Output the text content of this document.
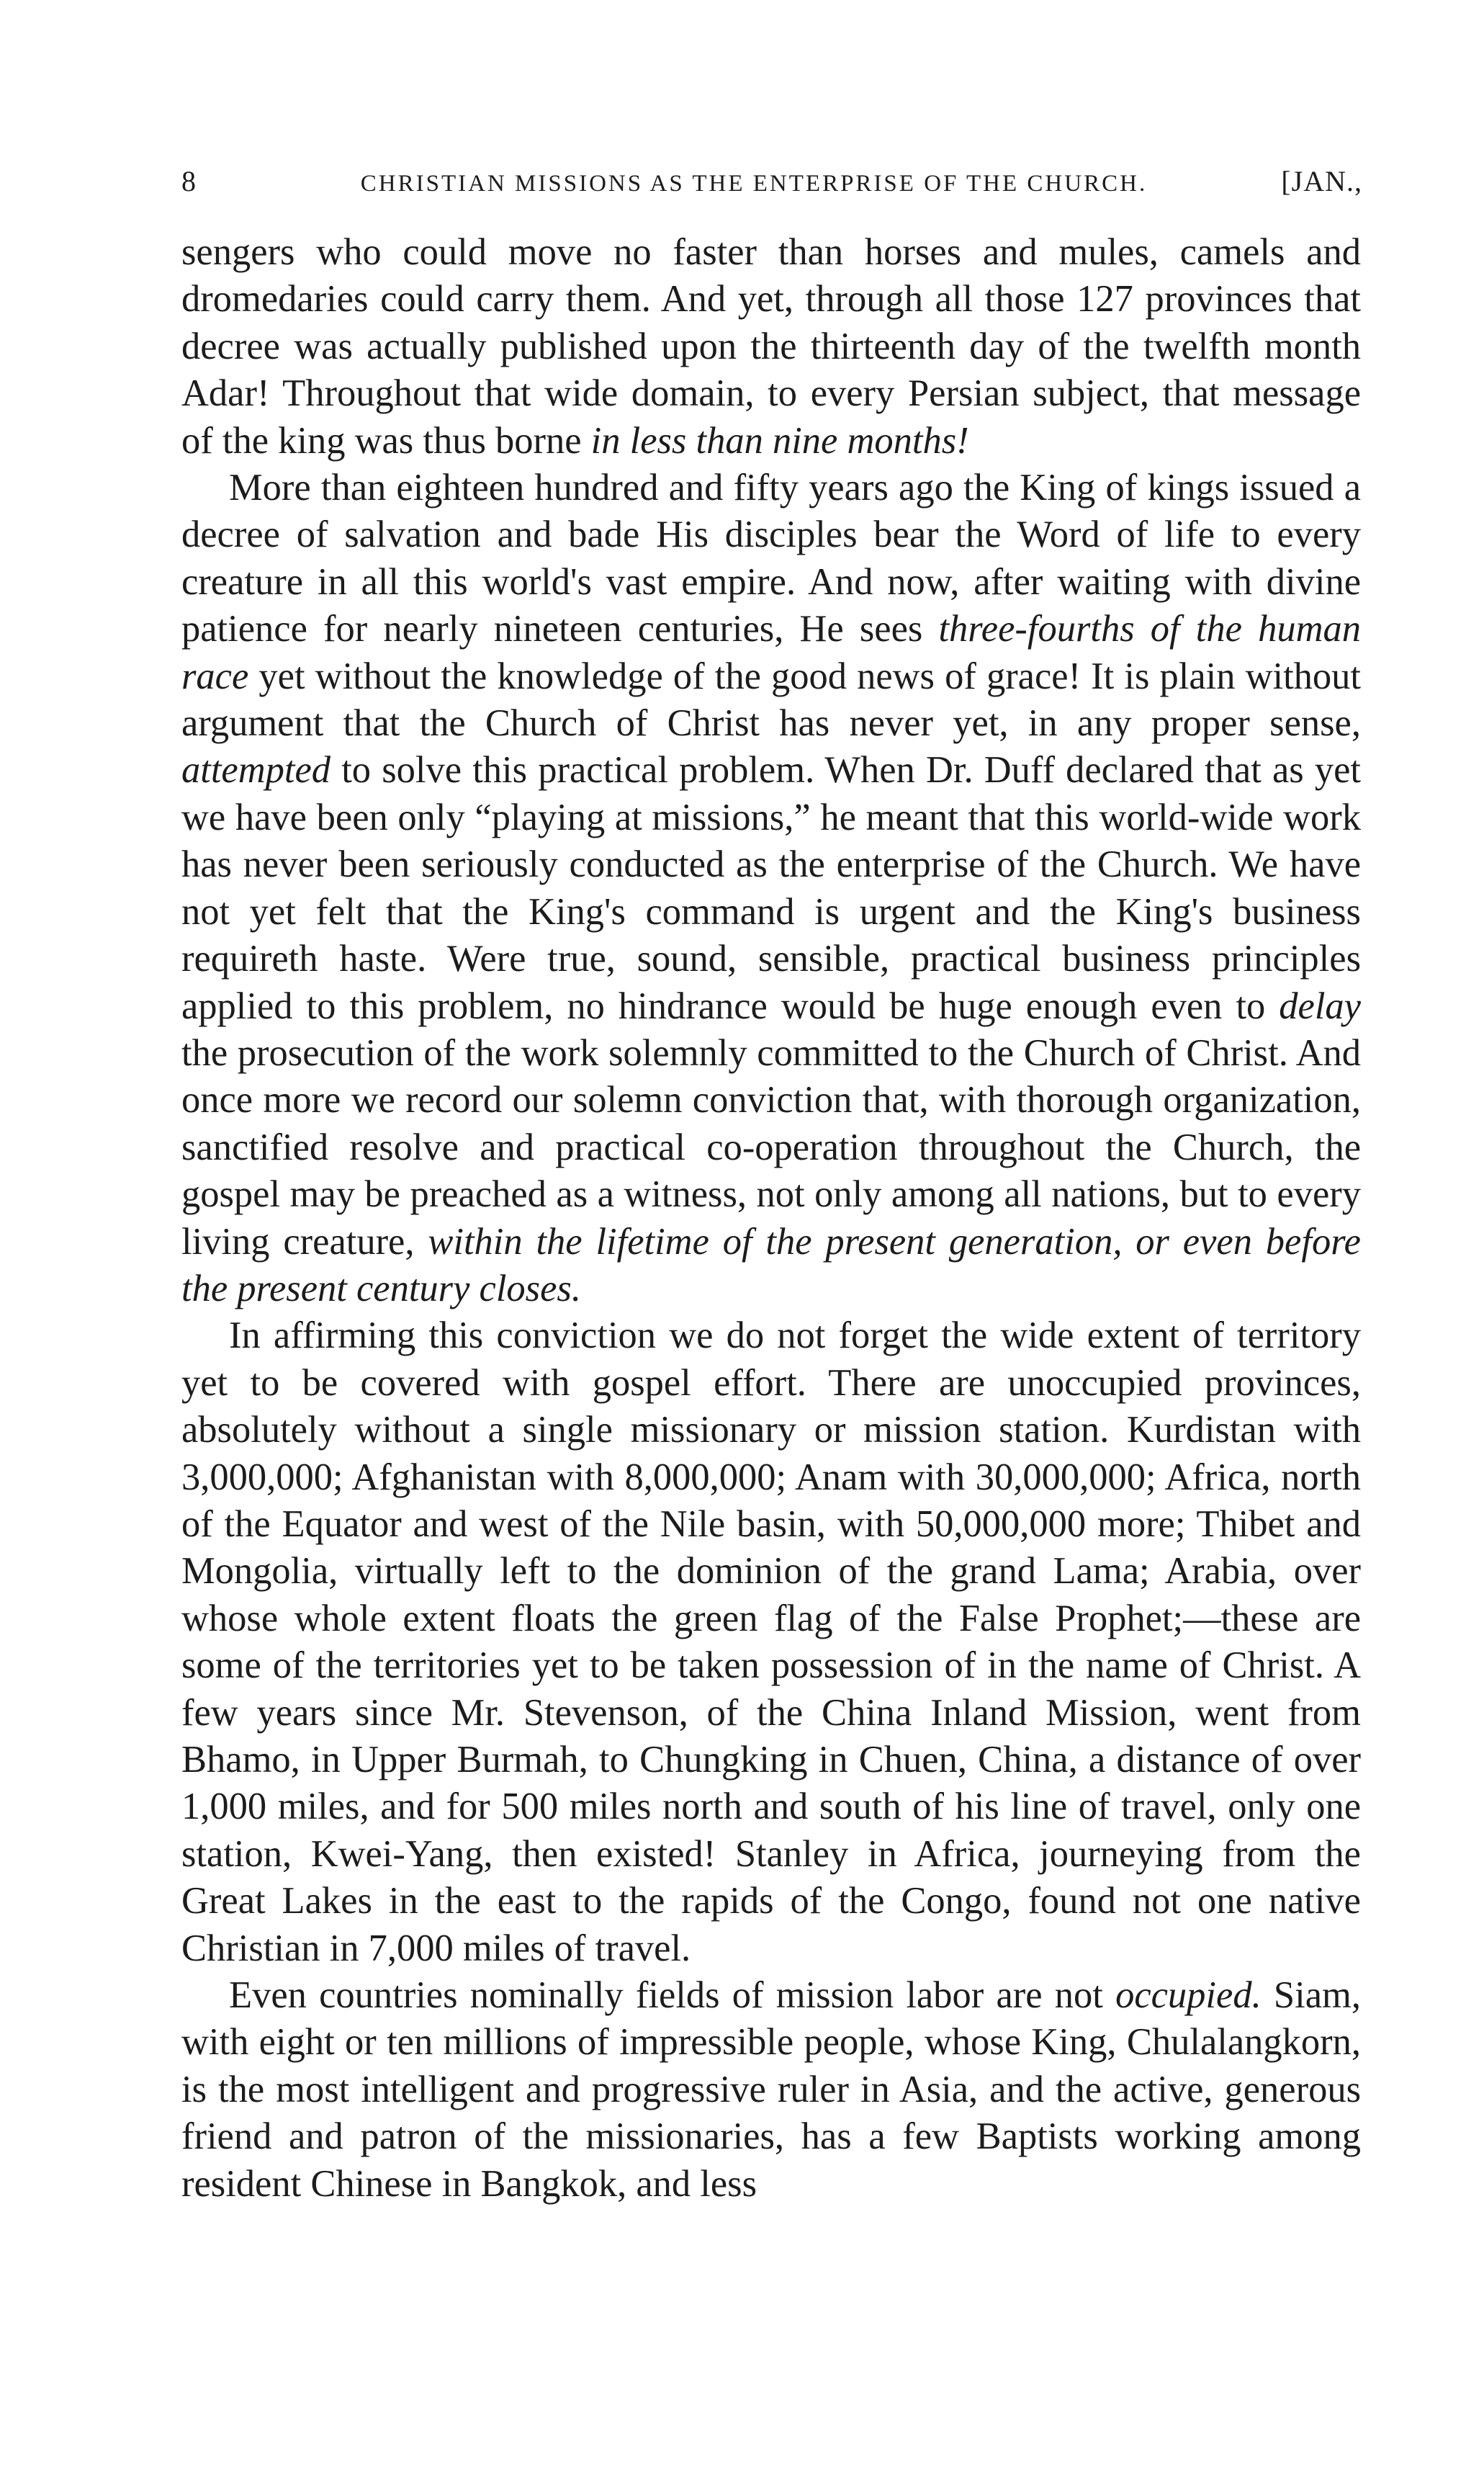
8	CHRISTIAN MISSIONS AS THE ENTERPRISE OF THE CHURCH.	[JAN.,

sengers who could move no faster than horses and mules, camels and dromedaries could carry them. And yet, through all those 127 provinces that decree was actually published upon the thirteenth day of the twelfth month Adar! Throughout that wide domain, to every Persian subject, that message of the king was thus borne in less than nine months!

More than eighteen hundred and fifty years ago the King of kings issued a decree of salvation and bade His disciples bear the Word of life to every creature in all this world's vast empire. And now, after waiting with divine patience for nearly nineteen centuries, He sees three-fourths of the human race yet without the knowledge of the good news of grace! It is plain without argument that the Church of Christ has never yet, in any proper sense, attempted to solve this practical problem. When Dr. Duff declared that as yet we have been only “playing at missions,” he meant that this world-wide work has never been seriously conducted as the enterprise of the Church. We have not yet felt that the King's command is urgent and the King's business requireth haste. Were true, sound, sensible, practical business principles applied to this problem, no hindrance would be huge enough even to delay the prosecution of the work solemnly committed to the Church of Christ. And once more we record our solemn conviction that, with thorough organization, sanctified resolve and practical co-operation throughout the Church, the gospel may be preached as a witness, not only among all nations, but to every living creature, within the lifetime of the present generation, or even before the present century closes.

In affirming this conviction we do not forget the wide extent of territory yet to be covered with gospel effort. There are unoccupied provinces, absolutely without a single missionary or mission station. Kurdistan with 3,000,000; Afghanistan with 8,000,000; Anam with 30,000,000; Africa, north of the Equator and west of the Nile basin, with 50,000,000 more; Thibet and Mongolia, virtually left to the dominion of the grand Lama; Arabia, over whose whole extent floats the green flag of the False Prophet;—these are some of the territories yet to be taken possession of in the name of Christ. A few years since Mr. Stevenson, of the China Inland Mission, went from Bhamo, in Upper Burmah, to Chungking in Chuen, China, a distance of over 1,000 miles, and for 500 miles north and south of his line of travel, only one station, Kwei-Yang, then existed! Stanley in Africa, journeying from the Great Lakes in the east to the rapids of the Congo, found not one native Christian in 7,000 miles of travel.

Even countries nominally fields of mission labor are not occupied. Siam, with eight or ten millions of impressible people, whose King, Chulalangkorn, is the most intelligent and progressive ruler in Asia, and the active, generous friend and patron of the missionaries, has a few Baptists working among resident Chinese in Bangkok, and less
